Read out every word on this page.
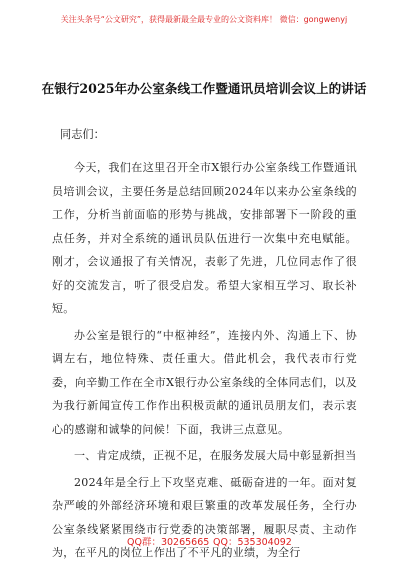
关注头条号“公文研究”，获得最新最全最专业的公文资料库！ 微信：gongwenyj
在银行2025年办公室条线工作暨通讯员培训会议上的讲话

同志们：

今天，我们在这里召开全市X银行办公室条线工作暨通讯员培训会议，主要任务是总结回顾2024年以来办公室条线的工作，分析当前面临的形势与挑战，安排部署下一阶段的重点任务，并对全系统的通讯员队伍进行一次集中充电赋能。刚才，会议通报了有关情况，表彰了先进，几位同志作了很好的交流发言，听了很受启发。希望大家相互学习、取长补短。

办公室是银行的“中枢神经”，连接内外、沟通上下、协调左右，地位特殊、责任重大。借此机会，我代表市行党委，向辛勤工作在全市X银行办公室条线的全体同志们，以及为我行新闻宣传工作作出积极贡献的通讯员朋友们，表示衷心的感谢和诚挚的问候！下面，我讲三点意见。

一、肯定成绩，正视不足，在服务发展大局中彰显新担当

2024年是全行上下攻坚克难、砥砺奋进的一年。面对复杂严峻的外部经济环境和艰巨繁重的改革发展任务，全行办公室条线紧紧围绕市行党委的决策部署，履职尽责、主动作为，在平凡的岗位上作出了不平凡的业绩，为全行

QQ群：30265665 QQ：535304092
